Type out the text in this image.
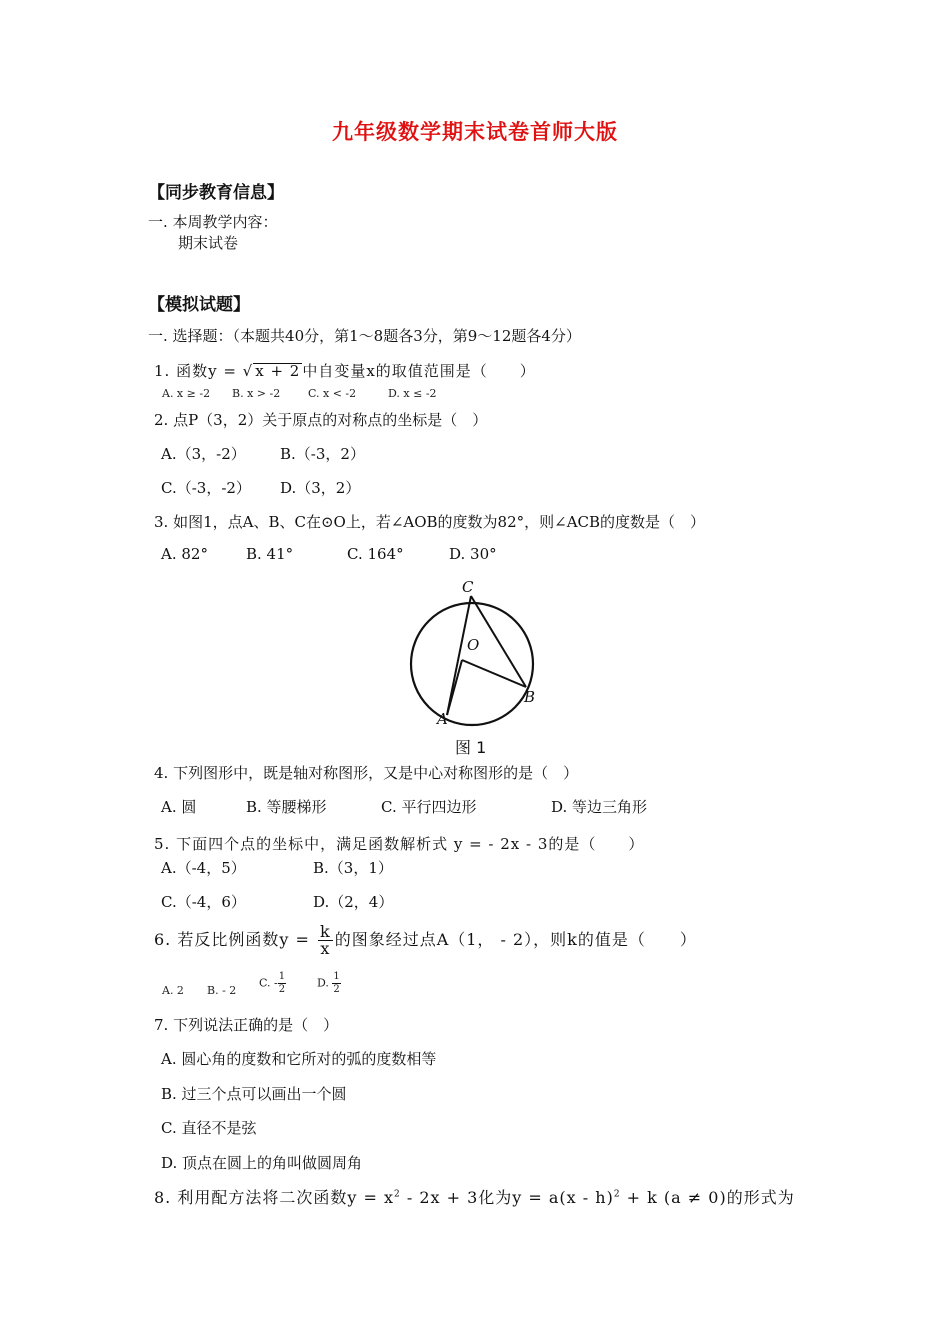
九年级数学期末试卷首师大版
【同步教育信息】
一. 本周教学内容：
期末试卷
【模拟试题】
一. 选择题：（本题共40分，第1～8题各3分，第9～12题各4分）
1. 函数y = √ x + 2 中自变量x的取值范围是（　　）
A. x ≥ -2 B. x > -2	C. x < -2	D. x ≤ -2
2. 点P（3，2）关于原点的对称点的坐标是（　）
A.（3，-2） B.（-3，2）
C.（-3，-2） D.（3，2）
3. 如图1，点A、B、C在⊙O上，若∠AOB的度数为82°，则∠ACB的度数是（　）
A. 82°	B. 41°	C. 164°	D. 30°
C
O
A
B
图 1
4. 下列图形中，既是轴对称图形，又是中心对称图形的是（　）
A. 圆	B. 等腰梯形	C. 平行四边形	D. 等边三角形
5. 下面四个点的坐标中，满足函数解析式 y = - 2x - 3的是（　　）
A.（-4，5）	B.（3，1）
C.（-4，6）	D.（2，4）
6. 若反比例函数$y = \frac{k}{x}$ 的图象经过点A（1， - 2），则k的值是（　　）
A. 2 B. - 2
C. - $\frac{1}{2}$	D. $\frac{1}{2}$
7. 下列说法正确的是（　）
A. 圆心角的度数和它所对的弧的度数相等
B. 过三个点可以画出一个圆
C. 直径不是弦
D. 顶点在圆上的角叫做圆周角
8. 利用配方法将二次函数$y = x^2 - 2x + 3$化为y = a(x - h)$^2$ + k (a ≠ 0)的形式为
